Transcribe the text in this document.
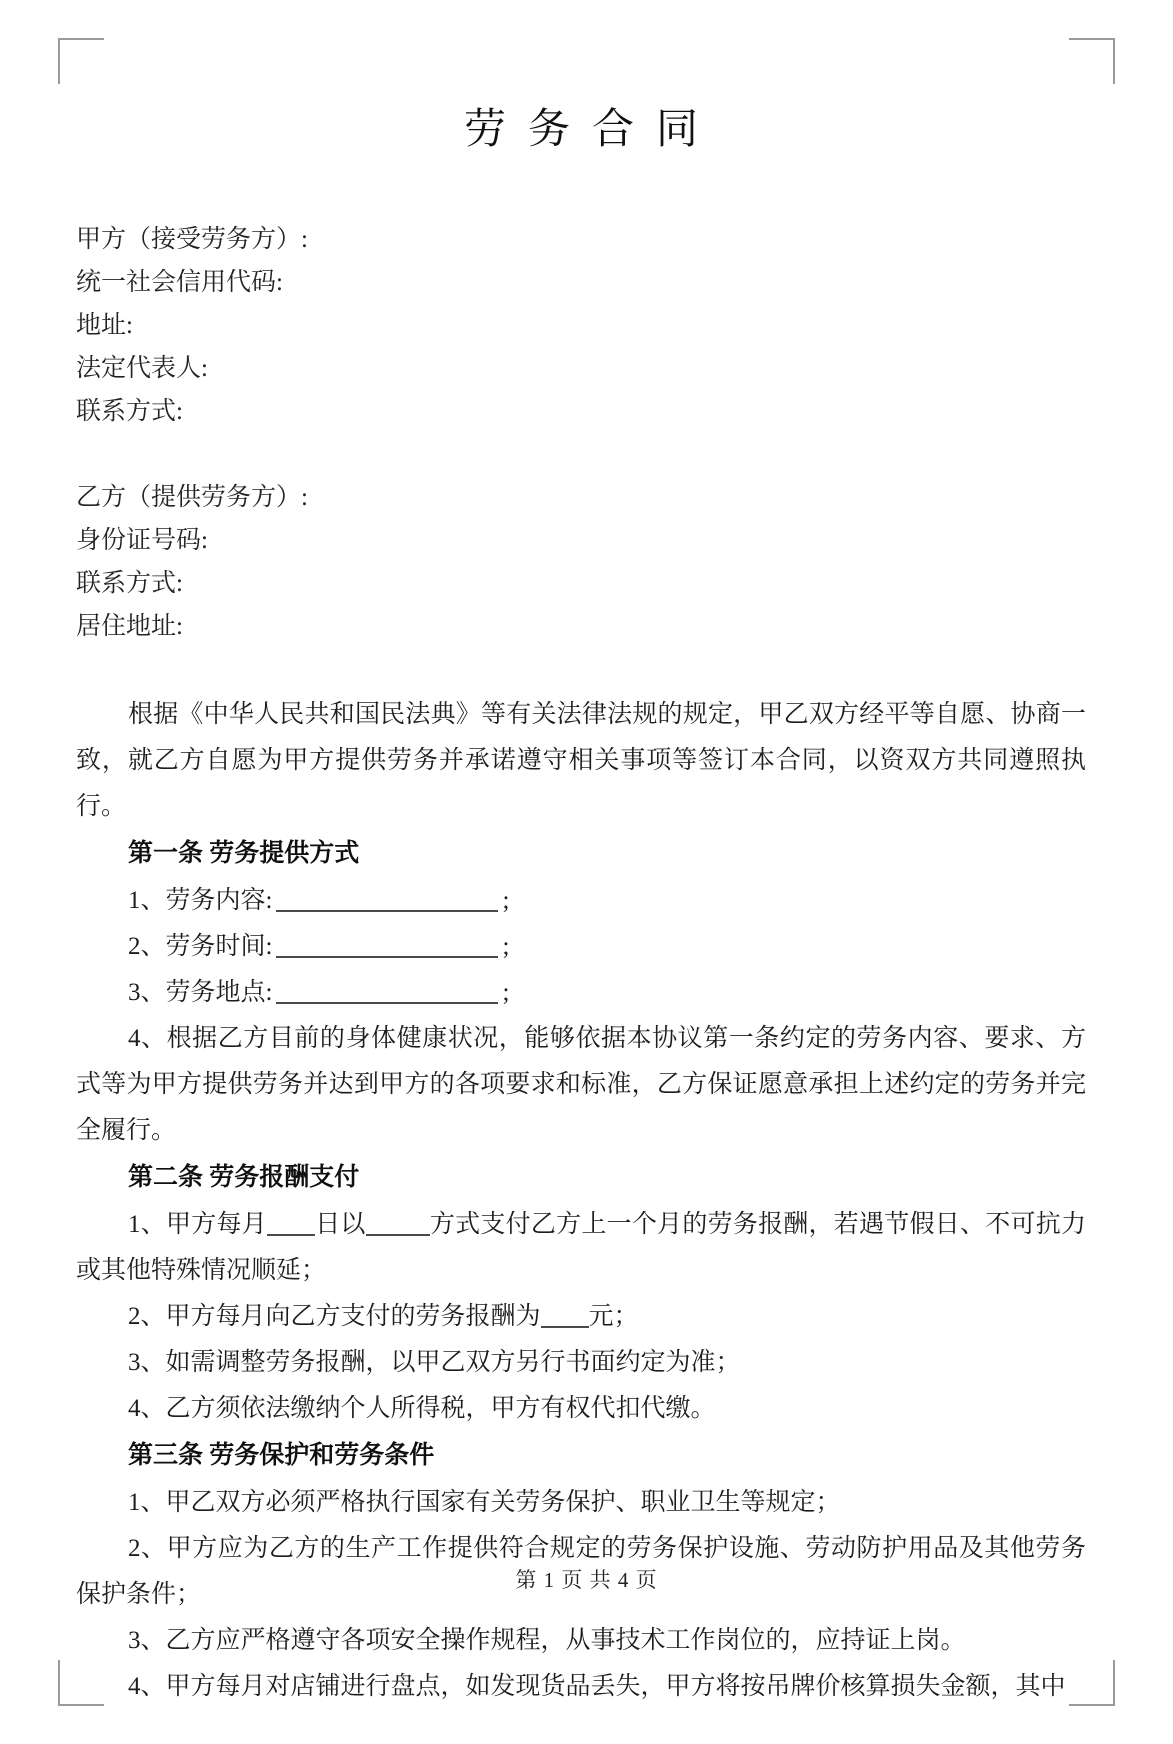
劳务合同
甲方（接受劳务方）:
统一社会信用代码:
地址:
法定代表人:
联系方式:
乙方（提供劳务方）:
身份证号码:
联系方式:
居住地址:

根据《中华人民共和国民法典》等有关法律法规的规定，甲乙双方经平等自愿、协商一致，就乙方自愿为甲方提供劳务并承诺遵守相关事项等签订本合同，以资双方共同遵照执行。

第一条 劳务提供方式

1、劳务内容:	;

2、劳务时间:	;

3、劳务地点:	;

4、根据乙方目前的身体健康状况，能够依据本协议第一条约定的劳务内容、要求、方式等为甲方提供劳务并达到甲方的各项要求和标准，乙方保证愿意承担上述约定的劳务并完全履行。

第二条 劳务报酬支付

1、甲方每月 日以	方式支付乙方上一个月的劳务报酬，若遇节假日、不可抗力或其他特殊情况顺延；

2、甲方每月向乙方支付的劳务报酬为 元；

3、如需调整劳务报酬，以甲乙双方另行书面约定为准；

4、乙方须依法缴纳个人所得税，甲方有权代扣代缴。

第三条 劳务保护和劳务条件

1、甲乙双方必须严格执行国家有关劳务保护、职业卫生等规定；

2、甲方应为乙方的生产工作提供符合规定的劳务保护设施、劳动防护用品及其他劳务保护条件；

3、乙方应严格遵守各项安全操作规程，从事技术工作岗位的，应持证上岗。

4、甲方每月对店铺进行盘点，如发现货品丢失，甲方将按吊牌价核算损失金额，其中

第 1 页 共 4 页
